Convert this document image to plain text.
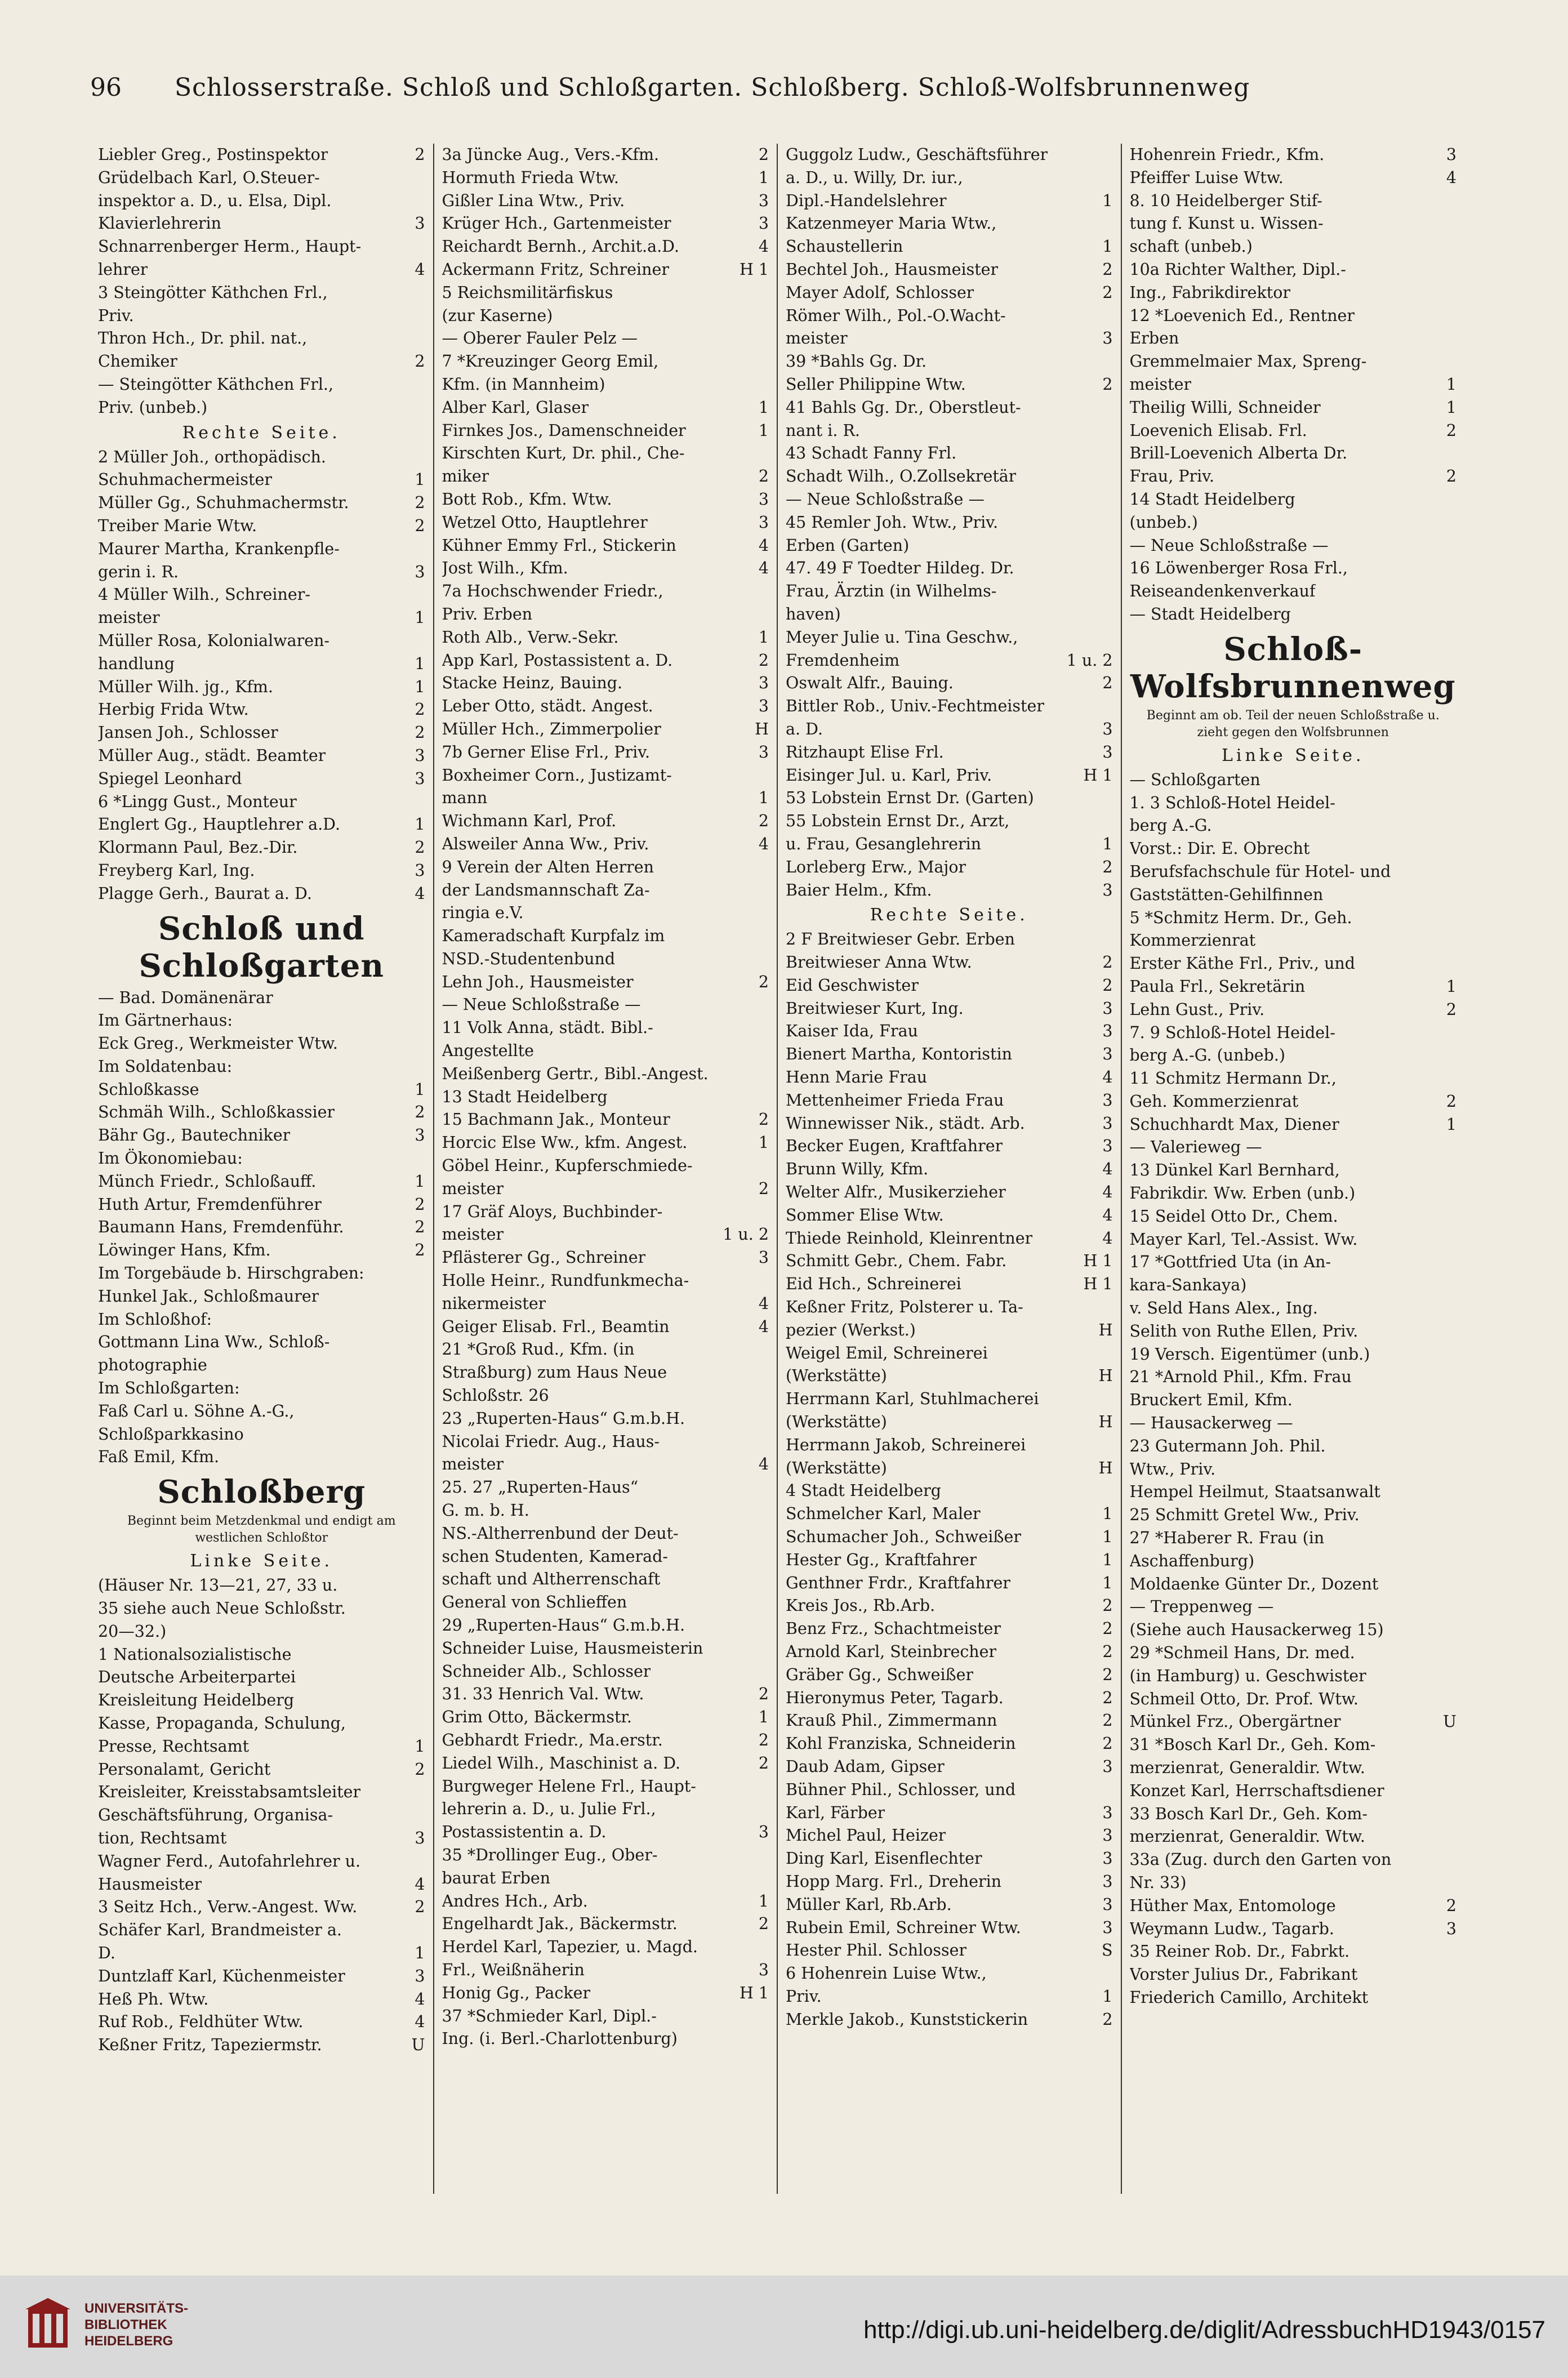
96	Schlosserstraße. Schloß und Schloßgarten. Schloßberg. Schloß-Wolfsbrunnenweg
Liebler Greg., Postinspektor	2
Grüdelbach Karl, O.Steuer-
inspektor a. D., u. Elsa, Dipl.
Klavierlehrerin	3
Schnarrenberger Herm., Haupt-
lehrer	4
3 Steingötter Käthchen Frl.,
Priv.
Thron Hch., Dr. phil. nat.,
Chemiker	2
— Steingötter Käthchen Frl.,
Priv. (unbeb.)
Rechte Seite.
2 Müller Joh., orthopädisch.
Schuhmachermeister	1
Müller Gg., Schuhmachermstr.	2
Treiber Marie Wtw.	2
Maurer Martha, Krankenpfle-
gerin i. R.	3
4 Müller Wilh., Schreiner-
meister	1
Müller Rosa, Kolonialwaren-
handlung	1
Müller Wilh. jg., Kfm.	1
Herbig Frida Wtw.	2
Jansen Joh., Schlosser	2
Müller Aug., städt. Beamter	3
Spiegel Leonhard	3
6 *Lingg Gust., Monteur
Englert Gg., Hauptlehrer a.D.	1
Klormann Paul, Bez.-Dir.	2
Freyberg Karl, Ing.	3
Plagge Gerh., Baurat a. D.	4
Schloß und Schloßgarten
— Bad. Domänenärar
Im Gärtnerhaus:
Eck Greg., Werkmeister Wtw.
Im Soldatenbau:
Schloßkasse	1
Schmäh Wilh., Schloßkassier	2
Bähr Gg., Bautechniker	3
Im Ökonomiebau:
Münch Friedr., Schloßauff.	1
Huth Artur, Fremdenführer	2
Baumann Hans, Fremdenführ.	2
Löwinger Hans, Kfm.	2
Im Torgebäude b. Hirschgraben:
Hunkel Jak., Schloßmaurer
Im Schloßhof:
Gottmann Lina Ww., Schloß-
photographie
Im Schloßgarten:
Faß Carl u. Söhne A.-G.,
Schloßparkkasino
Faß Emil, Kfm.
Schloßberg
Beginnt beim Metzdenkmal und endigt am westlichen Schloßtor
Linke Seite.
(Häuser Nr. 13—21, 27, 33 u.
35 siehe auch Neue Schloßstr.
20—32.)
1 Nationalsozialistische
Deutsche Arbeiterpartei
Kreisleitung Heidelberg
Kasse, Propaganda, Schulung,
Presse, Rechtsamt	1
Personalamt, Gericht	2
Kreisleiter, Kreisstabsamtsleiter
Geschäftsführung, Organisa-
tion, Rechtsamt	3
Wagner Ferd., Autofahrlehrer u.
Hausmeister	4
3 Seitz Hch., Verw.-Angest. Ww.	2
Schäfer Karl, Brandmeister a.
D.	1
Duntzlaff Karl, Küchenmeister	3
Heß Ph. Wtw.	4
Ruf Rob., Feldhüter Wtw.	4
Keßner Fritz, Tapeziermstr.	U
3a Jüncke Aug., Vers.-Kfm.	2
Hormuth Frieda Wtw.	1
Gißler Lina Wtw., Priv.	3
Krüger Hch., Gartenmeister	3
Reichardt Bernh., Archit.a.D.	4
Ackermann Fritz, Schreiner	H 1
5 Reichsmilitärfiskus
(zur Kaserne)
— Oberer Fauler Pelz —
7 *Kreuzinger Georg Emil,
Kfm. (in Mannheim)
Alber Karl, Glaser	1
Firnkes Jos., Damenschneider	1
Kirschten Kurt, Dr. phil., Che-
miker	2
Bott Rob., Kfm. Wtw.	3
Wetzel Otto, Hauptlehrer	3
Kühner Emmy Frl., Stickerin	4
Jost Wilh., Kfm.	4
7a Hochschwender Friedr.,
Priv. Erben
Roth Alb., Verw.-Sekr.	1
App Karl, Postassistent a. D.	2
Stacke Heinz, Bauing.	3
Leber Otto, städt. Angest.	3
Müller Hch., Zimmerpolier	H
7b Gerner Elise Frl., Priv.	3
Boxheimer Corn., Justizamt-
mann	1
Wichmann Karl, Prof.	2
Alsweiler Anna Ww., Priv.	4
9 Verein der Alten Herren
der Landsmannschaft Za-
ringia e.V.
Kameradschaft Kurpfalz im
NSD.-Studentenbund
Lehn Joh., Hausmeister	2
— Neue Schloßstraße —
11 Volk Anna, städt. Bibl.-
Angestellte
Meißenberg Gertr., Bibl.-Angest.
13 Stadt Heidelberg
15 Bachmann Jak., Monteur	2
Horcic Else Ww., kfm. Angest.	1
Göbel Heinr., Kupferschmiede-
meister	2
17 Gräf Aloys, Buchbinder-
meister	1 u. 2
Pflästerer Gg., Schreiner	3
Holle Heinr., Rundfunkmecha-
nikermeister	4
Geiger Elisab. Frl., Beamtin	4
21 *Groß Rud., Kfm. (in
Straßburg) zum Haus Neue
Schloßstr. 26
23 „Ruperten-Haus“ G.m.b.H.
Nicolai Friedr. Aug., Haus-
meister	4
25. 27 „Ruperten-Haus“
G. m. b. H.
NS.-Altherrenbund der Deut-
schen Studenten, Kamerad-
schaft und Altherrenschaft
General von Schlieffen
29 „Ruperten-Haus“ G.m.b.H.
Schneider Luise, Hausmeisterin
Schneider Alb., Schlosser
31. 33 Henrich Val. Wtw.	2
Grim Otto, Bäckermstr.	1
Gebhardt Friedr., Ma.erstr.	2
Liedel Wilh., Maschinist a. D.	2
Burgweger Helene Frl., Haupt-
lehrerin a. D., u. Julie Frl.,
Postassistentin a. D.	3
35 *Drollinger Eug., Ober-
baurat Erben
Andres Hch., Arb.	1
Engelhardt Jak., Bäckermstr.	2
Herdel Karl, Tapezier, u. Magd.
Frl., Weißnäherin	3
Honig Gg., Packer	H 1
37 *Schmieder Karl, Dipl.-
Ing. (i. Berl.-Charlottenburg)
Guggolz Ludw., Geschäftsführer
a. D., u. Willy, Dr. iur.,
Dipl.-Handelslehrer	1
Katzenmeyer Maria Wtw.,
Schaustellerin	1
Bechtel Joh., Hausmeister	2
Mayer Adolf, Schlosser	2
Römer Wilh., Pol.-O.Wacht-
meister	3
39 *Bahls Gg. Dr.
Seller Philippine Wtw.	2
41 Bahls Gg. Dr., Oberstleut-
nant i. R.
43 Schadt Fanny Frl.
Schadt Wilh., O.Zollsekretär
— Neue Schloßstraße —
45 Remler Joh. Wtw., Priv.
Erben (Garten)
47. 49 F Toedter Hildeg. Dr.
Frau, Ärztin (in Wilhelms-
haven)
Meyer Julie u. Tina Geschw.,
Fremdenheim	1 u. 2
Oswalt Alfr., Bauing.	2
Bittler Rob., Univ.-Fechtmeister
a. D.	3
Ritzhaupt Elise Frl.	3
Eisinger Jul. u. Karl, Priv.	H 1
53 Lobstein Ernst Dr. (Garten)
55 Lobstein Ernst Dr., Arzt,
u. Frau, Gesanglehrerin	1
Lorleberg Erw., Major	2
Baier Helm., Kfm.	3
Rechte Seite.
2 F Breitwieser Gebr. Erben
Breitwieser Anna Wtw.	2
Eid Geschwister	2
Breitwieser Kurt, Ing.	3
Kaiser Ida, Frau	3
Bienert Martha, Kontoristin	3
Henn Marie Frau	4
Mettenheimer Frieda Frau	3
Winnewisser Nik., städt. Arb.	3
Becker Eugen, Kraftfahrer	3
Brunn Willy, Kfm.	4
Welter Alfr., Musikerzieher	4
Sommer Elise Wtw.	4
Thiede Reinhold, Kleinrentner	4
Schmitt Gebr., Chem. Fabr.	H 1
Eid Hch., Schreinerei	H 1
Keßner Fritz, Polsterer u. Ta-
pezier (Werkst.)	H
Weigel Emil, Schreinerei
(Werkstätte)	H
Herrmann Karl, Stuhlmacherei
(Werkstätte)	H
Herrmann Jakob, Schreinerei
(Werkstätte)	H
4 Stadt Heidelberg
Schmelcher Karl, Maler	1
Schumacher Joh., Schweißer	1
Hester Gg., Kraftfahrer	1
Genthner Frdr., Kraftfahrer	1
Kreis Jos., Rb.Arb.	2
Benz Frz., Schachtmeister	2
Arnold Karl, Steinbrecher	2
Gräber Gg., Schweißer	2
Hieronymus Peter, Tagarb.	2
Krauß Phil., Zimmermann	2
Kohl Franziska, Schneiderin	2
Daub Adam, Gipser	3
Bühner Phil., Schlosser, und
Karl, Färber	3
Michel Paul, Heizer	3
Ding Karl, Eisenflechter	3
Hopp Marg. Frl., Dreherin	3
Müller Karl, Rb.Arb.	3
Rubein Emil, Schreiner Wtw.	3
Hester Phil. Schlosser	S
6 Hohenrein Luise Wtw.,
Priv.	1
Merkle Jakob., Kunststickerin	2
Hohenrein Friedr., Kfm.	3
Pfeiffer Luise Wtw.	4
8. 10 Heidelberger Stif-
tung f. Kunst u. Wissen-
schaft (unbeb.)
10a Richter Walther, Dipl.-
Ing., Fabrikdirektor
12 *Loevenich Ed., Rentner
Erben
Gremmelmaier Max, Spreng-
meister	1
Theilig Willi, Schneider	1
Loevenich Elisab. Frl.	2
Brill-Loevenich Alberta Dr.
Frau, Priv.	2
14 Stadt Heidelberg
(unbeb.)
— Neue Schloßstraße —
16 Löwenberger Rosa Frl.,
Reiseandenkenverkauf
— Stadt Heidelberg
Schloß-Wolfsbrunnenweg
Beginnt am ob. Teil der neuen Schloßstraße u. zieht gegen den Wolfsbrunnen
Linke Seite.
— Schloßgarten
1. 3 Schloß-Hotel Heidel-
berg A.-G.
Vorst.: Dir. E. Obrecht
Berufsfachschule für Hotel- und
Gaststätten-Gehilfinnen
5 *Schmitz Herm. Dr., Geh.
Kommerzienrat
Erster Käthe Frl., Priv., und
Paula Frl., Sekretärin	1
Lehn Gust., Priv.	2
7. 9 Schloß-Hotel Heidel-
berg A.-G. (unbeb.)
11 Schmitz Hermann Dr.,
Geh. Kommerzienrat	2
Schuchhardt Max, Diener	1
— Valerieweg —
13 Dünkel Karl Bernhard,
Fabrikdir. Ww. Erben (unb.)
15 Seidel Otto Dr., Chem.
Mayer Karl, Tel.-Assist. Ww.
17 *Gottfried Uta (in An-
kara-Sankaya)
v. Seld Hans Alex., Ing.
Selith von Ruthe Ellen, Priv.
19 Versch. Eigentümer (unb.)
21 *Arnold Phil., Kfm. Frau
Bruckert Emil, Kfm.
— Hausackerweg —
23 Gutermann Joh. Phil.
Wtw., Priv.
Hempel Heilmut, Staatsanwalt
25 Schmitt Gretel Ww., Priv.
27 *Haberer R. Frau (in
Aschaffenburg)
Moldaenke Günter Dr., Dozent
— Treppenweg —
(Siehe auch Hausackerweg 15)
29 *Schmeil Hans, Dr. med.
(in Hamburg) u. Geschwister
Schmeil Otto, Dr. Prof. Wtw.
Münkel Frz., Obergärtner	U
31 *Bosch Karl Dr., Geh. Kom-
merzienrat, Generaldir. Wtw.
Konzet Karl, Herrschaftsdiener
33 Bosch Karl Dr., Geh. Kom-
merzienrat, Generaldir. Wtw.
33a (Zug. durch den Garten von
Nr. 33)
Hüther Max, Entomologe	2
Weymann Ludw., Tagarb.	3
35 Reiner Rob. Dr., Fabrkt.
Vorster Julius Dr., Fabrikant
Friederich Camillo, Architekt
UNIVERSITÄTS-
BIBLIOTHEK
HEIDELBERG	http://digi.ub.uni-heidelberg.de/diglit/AdressbuchHD1943/0157
